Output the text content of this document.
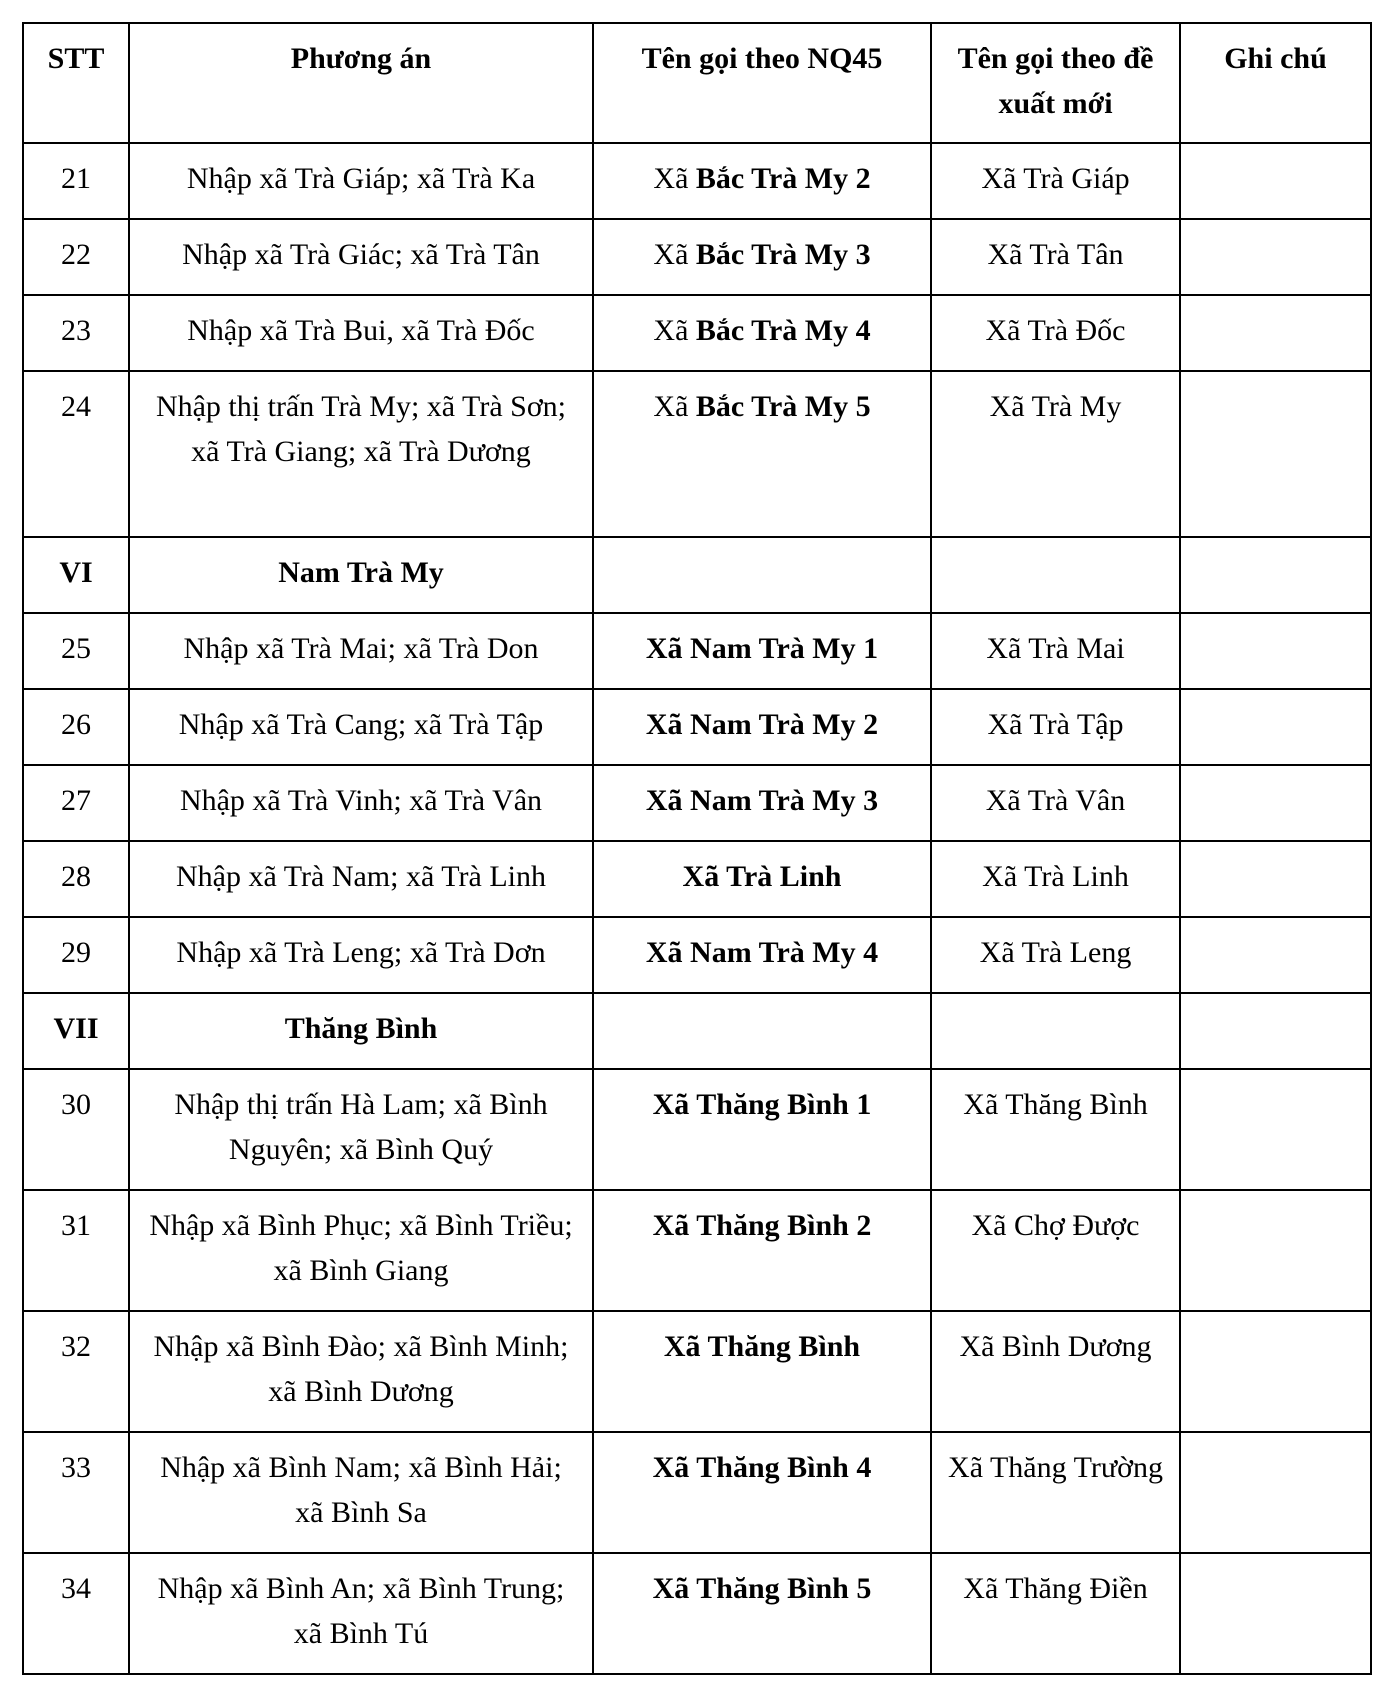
STT	Phương án	Tên gọi theo NQ45	Tên gọi theo đề xuất mới	Ghi chú
21	Nhập xã Trà Giáp; xã Trà Ka	Xã Bắc Trà My 2	Xã Trà Giáp	
22	Nhập xã Trà Giác; xã Trà Tân	Xã Bắc Trà My 3	Xã Trà Tân	
23	Nhập xã Trà Bui, xã Trà Đốc	Xã Bắc Trà My 4	Xã Trà Đốc	
24	Nhập thị trấn Trà My; xã Trà Sơn; xã Trà Giang; xã Trà Dương	Xã Bắc Trà My 5	Xã Trà My	
VI	Nam Trà My			
25	Nhập xã Trà Mai; xã Trà Don	Xã Nam Trà My 1	Xã Trà Mai	
26	Nhập xã Trà Cang; xã Trà Tập	Xã Nam Trà My 2	Xã Trà Tập	
27	Nhập xã Trà Vinh; xã Trà Vân	Xã Nam Trà My 3	Xã Trà Vân	
28	Nhập xã Trà Nam; xã Trà Linh	Xã Trà Linh	Xã Trà Linh	
29	Nhập xã Trà Leng; xã Trà Dơn	Xã Nam Trà My 4	Xã Trà Leng	
VII	Thăng Bình			
30	Nhập thị trấn Hà Lam; xã Bình Nguyên; xã Bình Quý	Xã Thăng Bình 1	Xã Thăng Bình	
31	Nhập xã Bình Phục; xã Bình Triều; xã Bình Giang	Xã Thăng Bình 2	Xã Chợ Được	
32	Nhập xã Bình Đào; xã Bình Minh; xã Bình Dương	Xã Thăng Bình	Xã Bình Dương	
33	Nhập xã Bình Nam; xã Bình Hải; xã Bình Sa	Xã Thăng Bình 4	Xã Thăng Trường	
34	Nhập xã Bình An; xã Bình Trung; xã Bình Tú	Xã Thăng Bình 5	Xã Thăng Điền	
